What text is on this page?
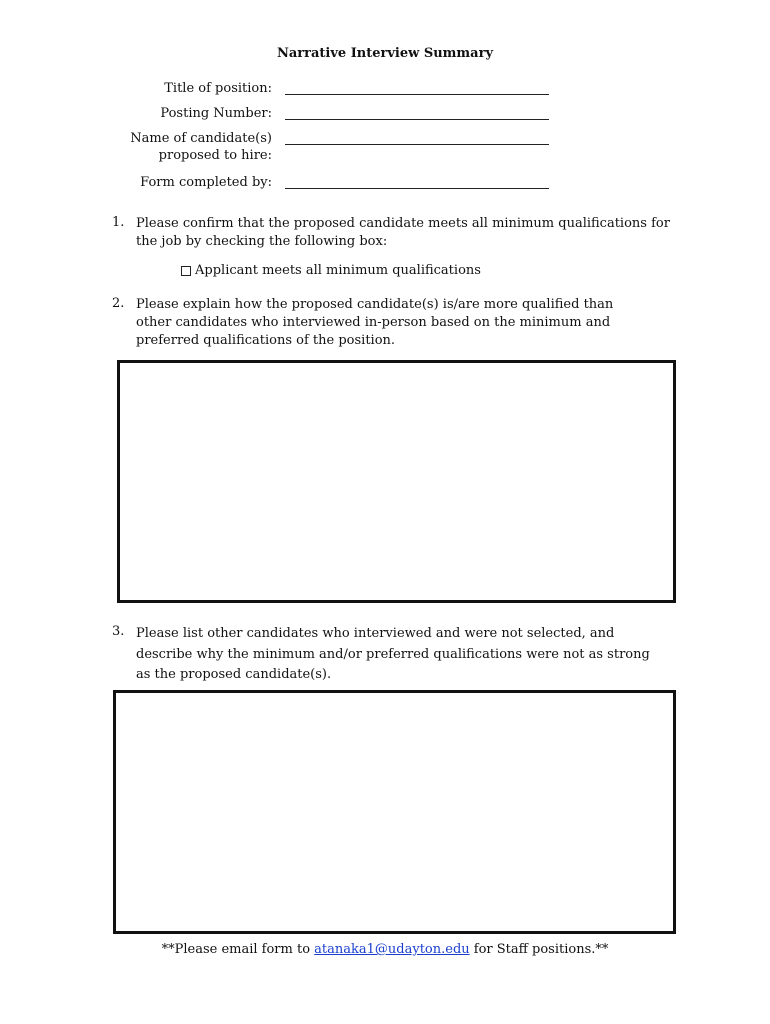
Narrative Interview Summary
Title of position:
Posting Number:
Name of candidate(s)
proposed to hire:
Form completed by:
1. Please confirm that the proposed candidate meets all minimum qualifications for the job by checking the following box:
Applicant meets all minimum qualifications
2. Please explain how the proposed candidate(s) is/are more qualified than other candidates who interviewed in-person based on the minimum and preferred qualifications of the position.
3. Please list other candidates who interviewed and were not selected, and describe why the minimum and/or preferred qualifications were not as strong as the proposed candidate(s).
**Please email form to atanaka1@udayton.edu for Staff positions.**
